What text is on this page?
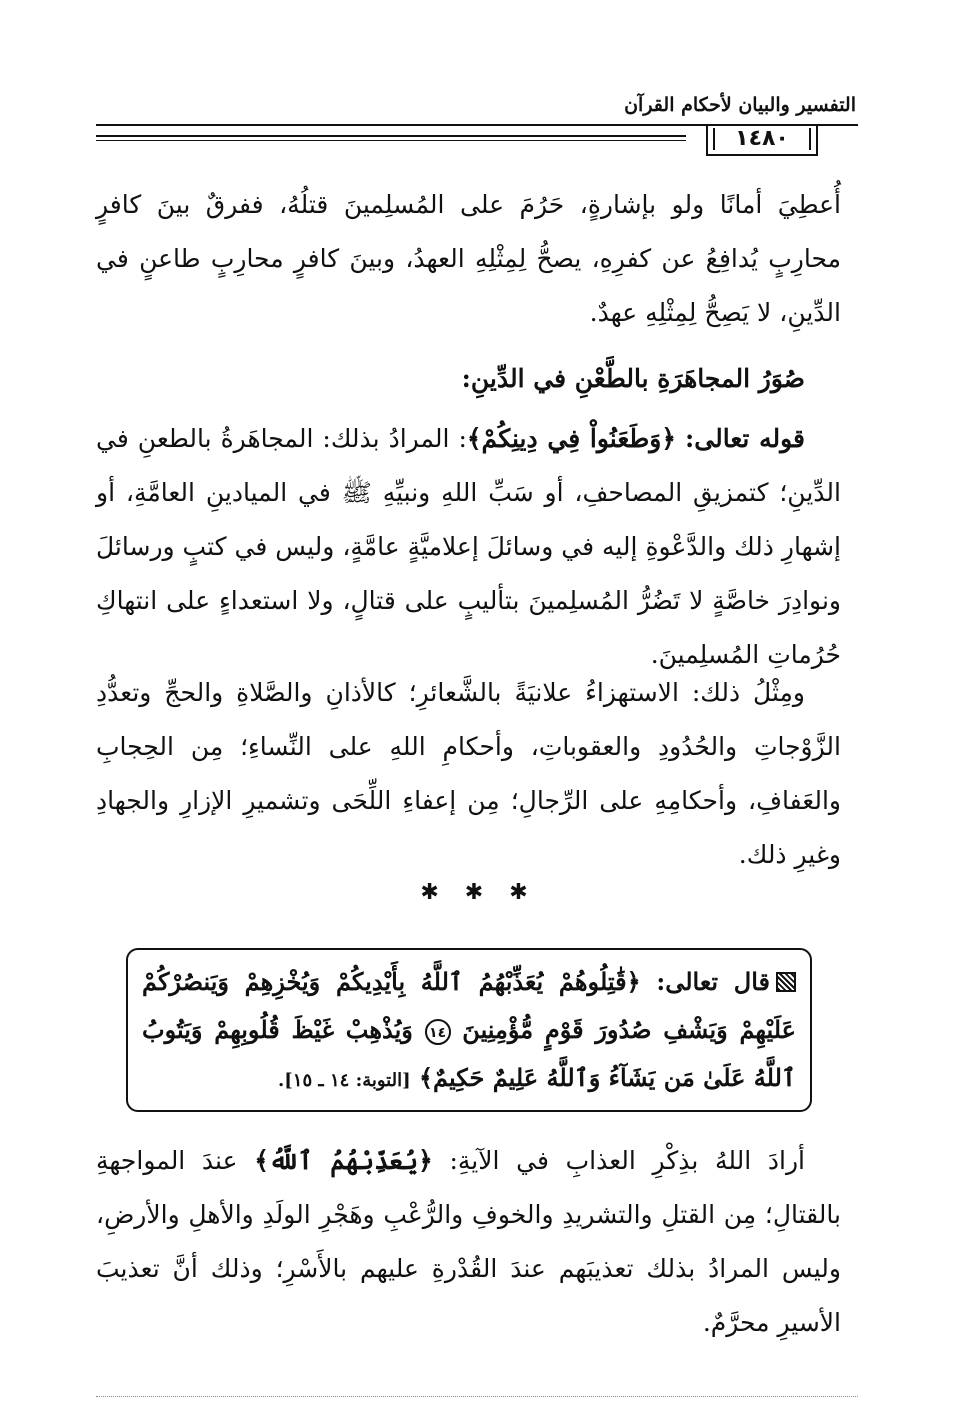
التفسير والبيان لأحكام القرآن
١٤٨٠

أُعطِيَ أمانًا ولو بإشارةٍ، حَرُمَ على المُسلِمينَ قتلُهُ، ففرقٌ بينَ كافرٍ محارِبٍ يُدافِعُ عن كفرِهِ، يصحُّ لِمِثْلِهِ العهدُ، وبينَ كافرٍ محارِبٍ طاعنٍ في الدِّينِ، لا يَصِحُّ لِمِثْلِهِ عهدٌ.

صُوَرُ المجاهَرَةِ بالطَّعْنِ في الدِّينِ:

قوله تعالى: ﴿وَطَعَنُواْ فِي دِينِكُمْ﴾: المرادُ بذلك: المجاهَرةُ بالطعنِ في الدِّينِ؛ كتمزيقِ المصاحفِ، أو سَبِّ اللهِ ونبيِّهِ ﷺ في الميادينِ العامَّةِ، أو إشهارِ ذلك والدَّعْوةِ إليه في وسائلَ إعلاميَّةٍ عامَّةٍ، وليس في كتبٍ ورسائلَ ونوادِرَ خاصَّةٍ لا تَضُرُّ المُسلِمينَ بتأليبٍ على قتالٍ، ولا استعداءٍ على انتهاكِ حُرُماتِ المُسلِمينَ.

ومِثْلُ ذلك: الاستهزاءُ علانيَةً بالشَّعائرِ؛ كالأذانِ والصَّلاةِ والحجِّ وتعدُّدِ الزَّوْجاتِ والحُدُودِ والعقوباتِ، وأحكامِ اللهِ على النِّساءِ؛ مِن الحِجابِ والعَفافِ، وأحكامِهِ على الرِّجالِ؛ مِن إعفاءِ اللِّحَى وتشميرِ الإزارِ والجهادِ وغيرِ ذلك.

✱✱✱

قال تعالى: ﴿قَٰتِلُوهُمْ يُعَذِّبْهُمُ ٱللَّهُ بِأَيْدِيكُمْ وَيُخْزِهِمْ وَيَنصُرْكُمْ عَلَيْهِمْ وَيَشْفِ صُدُورَ قَوْمٍ مُّؤْمِنِينَ ١٤ وَيُذْهِبْ غَيْظَ قُلُوبِهِمْ وَيَتُوبُ ٱللَّهُ عَلَىٰ مَن يَشَآءُ وَٱللَّهُ عَلِيمٌ حَكِيمٌ﴾ [التوبة: ١٤ ـ ١٥].

أرادَ اللهُ بذِكْرِ العذابِ في الآيةِ: ﴿يُعَذِّبْهُمُ ٱللَّهُ﴾ عندَ المواجهةِ بالقتالِ؛ مِن القتلِ والتشريدِ والخوفِ والرُّعْبِ وهَجْرِ الولَدِ والأهلِ والأرضِ، وليس المرادُ بذلك تعذيبَهم عندَ القُدْرةِ عليهم بالأَسْرِ؛ وذلك أنَّ تعذيبَ الأسيرِ محرَّمٌ.
